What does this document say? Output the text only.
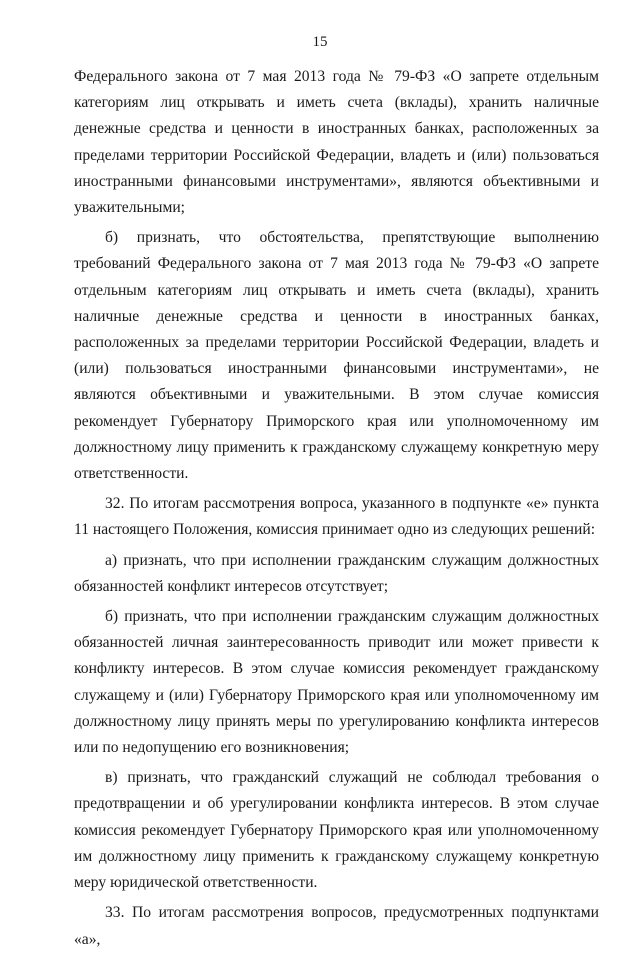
15

Федерального закона от 7 мая 2013 года № 79-ФЗ «О запрете отдельным категориям лиц открывать и иметь счета (вклады), хранить наличные денежные средства и ценности в иностранных банках, расположенных за пределами территории Российской Федерации, владеть и (или) пользоваться иностранными финансовыми инструментами», являются объективными и уважительными;

б) признать, что обстоятельства, препятствующие выполнению требований Федерального закона от 7 мая 2013 года № 79-ФЗ «О запрете отдельным категориям лиц открывать и иметь счета (вклады), хранить наличные денежные средства и ценности в иностранных банках, расположенных за пределами территории Российской Федерации, владеть и (или) пользоваться иностранными финансовыми инструментами», не являются объективными и уважительными. В этом случае комиссия рекомендует Губернатору Приморского края или уполномоченному им должностному лицу применить к гражданскому служащему конкретную меру ответственности.

32. По итогам рассмотрения вопроса, указанного в подпункте «е» пункта 11 настоящего Положения, комиссия принимает одно из следующих решений:

а) признать, что при исполнении гражданским служащим должностных обязанностей конфликт интересов отсутствует;

б) признать, что при исполнении гражданским служащим должностных обязанностей личная заинтересованность приводит или может привести к конфликту интересов. В этом случае комиссия рекомендует гражданскому служащему и (или) Губернатору Приморского края или уполномоченному им должностному лицу принять меры по урегулированию конфликта интересов или по недопущению его возникновения;

в) признать, что гражданский служащий не соблюдал требования о предотвращении и об урегулировании конфликта интересов. В этом случае комиссия рекомендует Губернатору Приморского края или уполномоченному им должностному лицу применить к гражданскому служащему конкретную меру юридической ответственности.

33. По итогам рассмотрения вопросов, предусмотренных подпунктами «а»,
